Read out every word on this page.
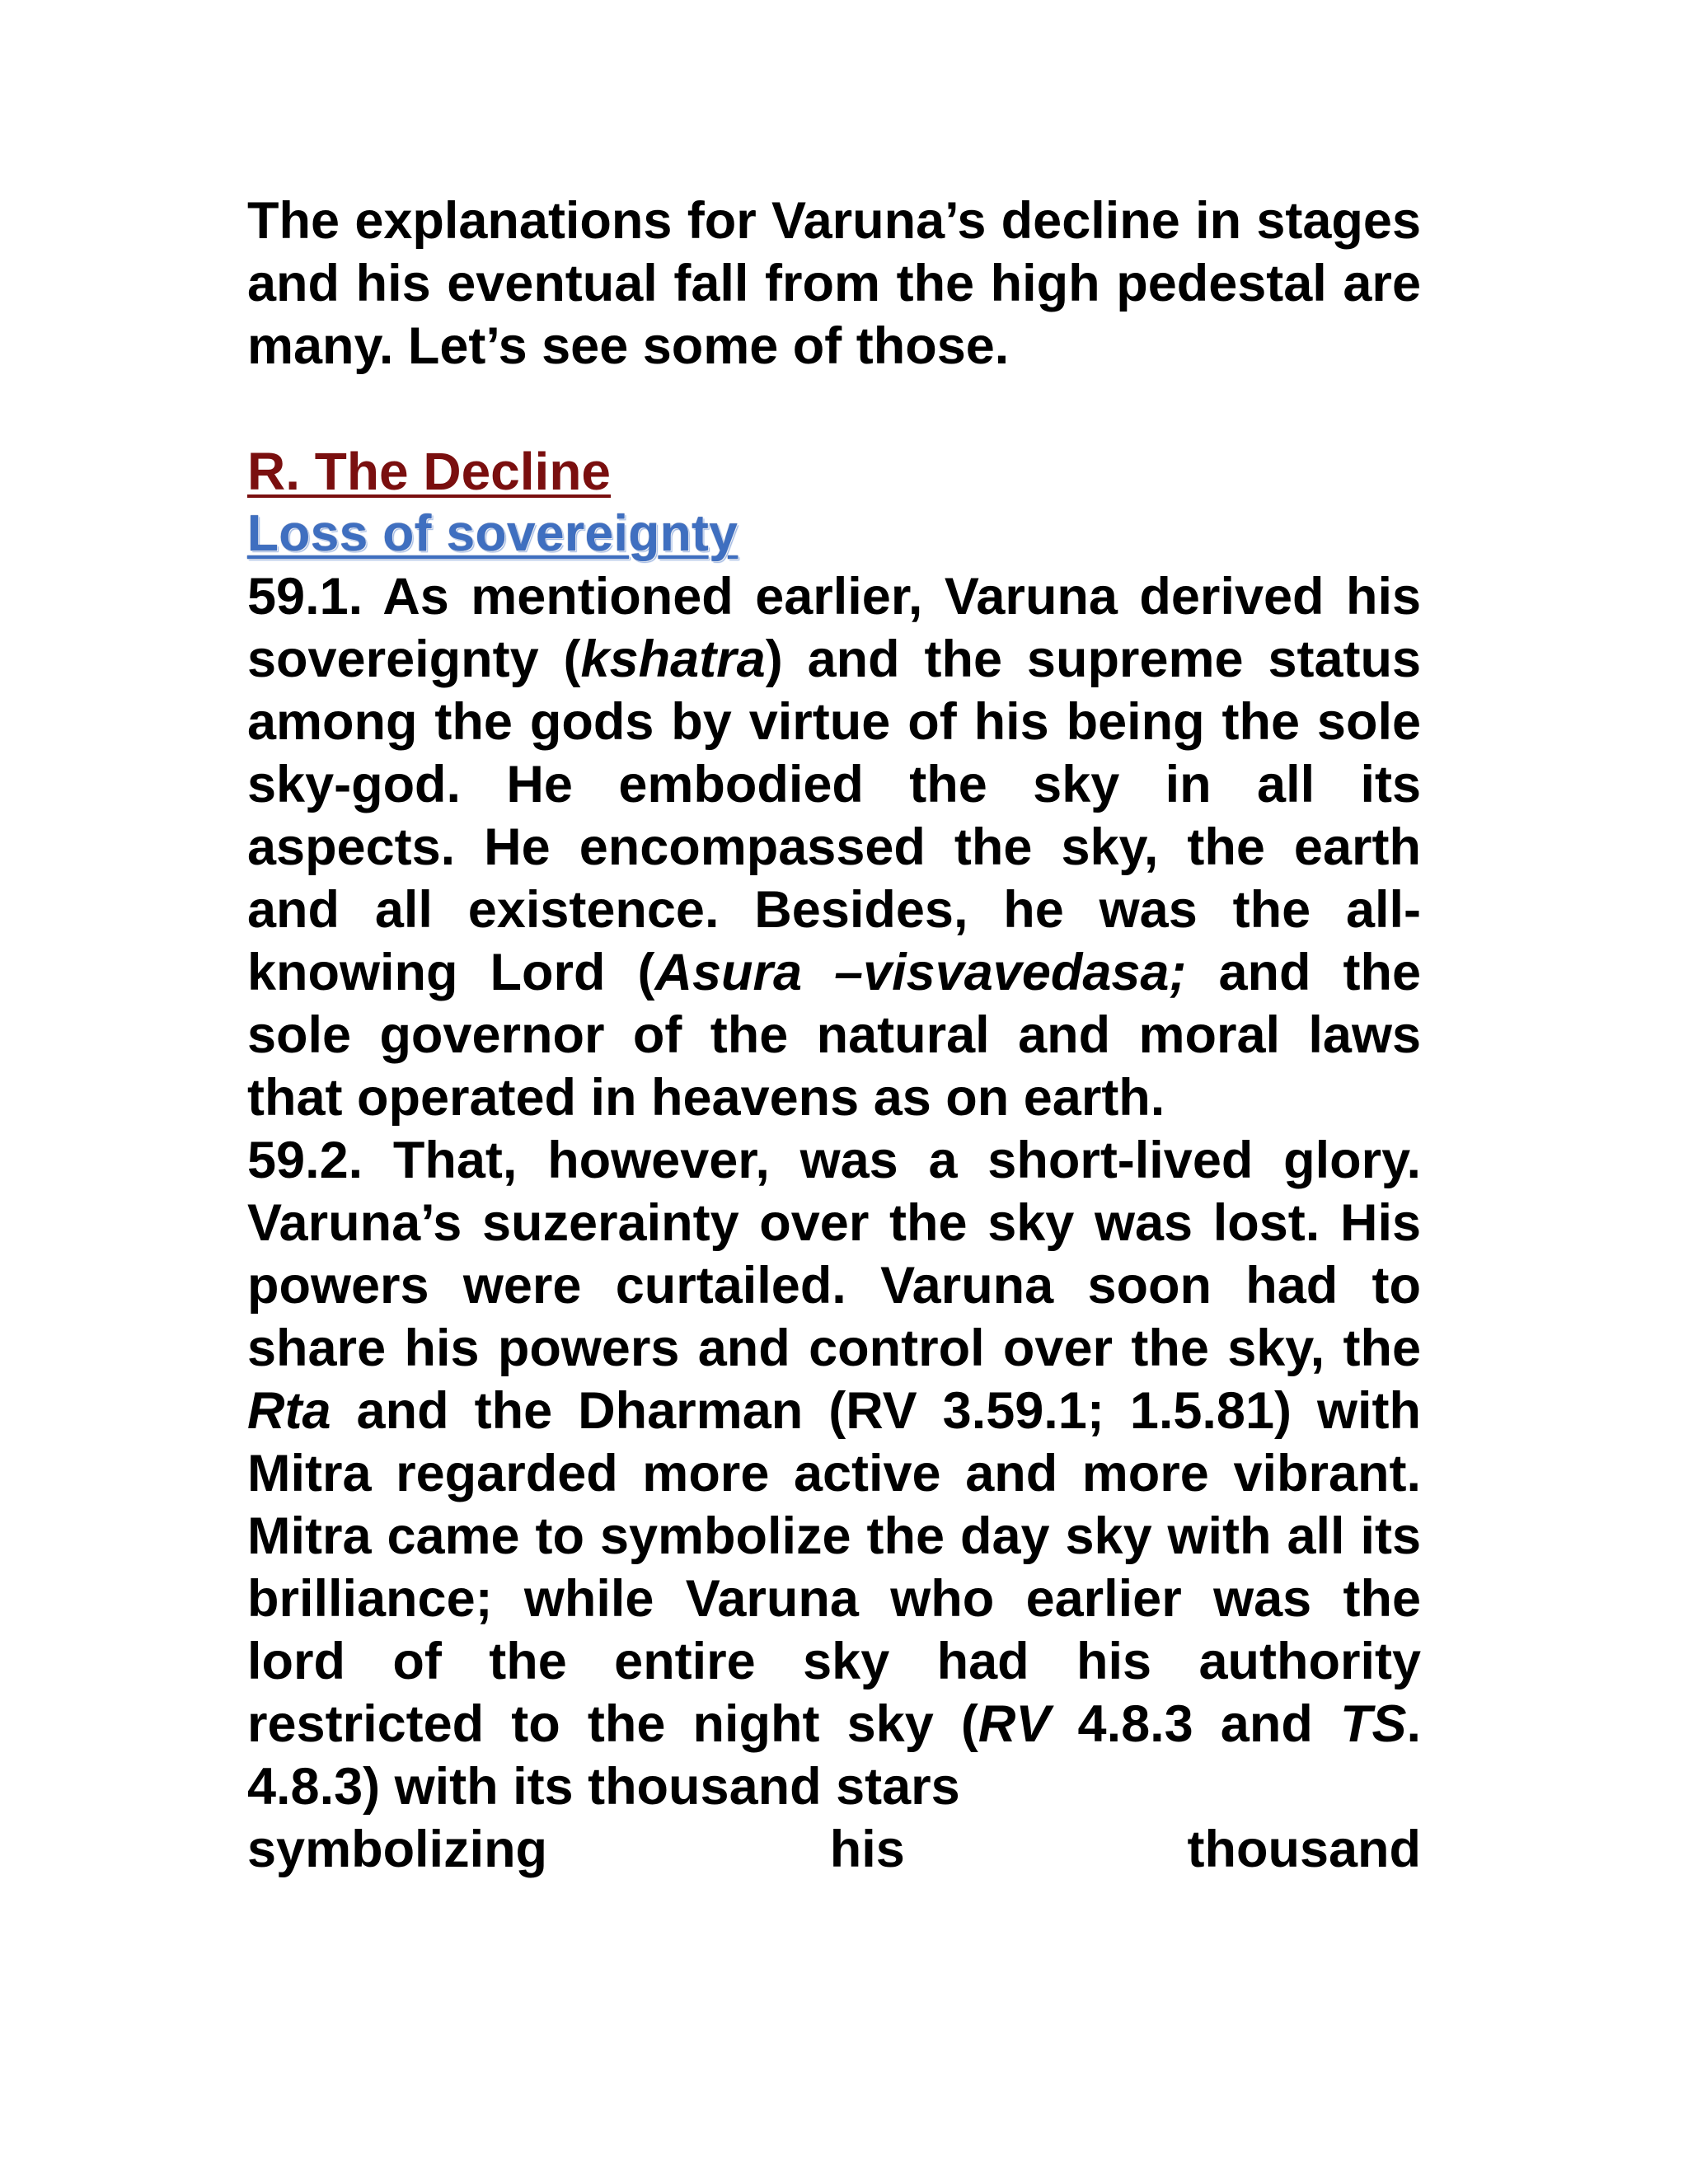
The explanations for Varuna’s decline in stages and his eventual fall from the high pedestal are many. Let’s see some of those.

R. The Decline

Loss of sovereignty

59.1. As mentioned earlier, Varuna derived his sovereignty (kshatra) and the supreme status among the gods by virtue of his being the sole sky-god. He embodied the sky in all its aspects. He encompassed the sky, the earth and all existence. Besides, he was the all-knowing Lord (Asura –visvavedasa; and the sole governor of the natural and moral laws that operated in heavens as on earth.

59.2. That, however, was a short-lived glory. Varuna’s suzerainty over the sky was lost. His powers were curtailed. Varuna soon had to share his powers and control over the sky, the Rta and the Dharman (RV 3.59.1; 1.5.81) with Mitra regarded more active and more vibrant. Mitra came to symbolize the day sky with all its brilliance; while Varuna who earlier was the lord of the entire sky had his authority restricted to the night sky (RV 4.8.3 and TS. 4.8.3) with its thousand stars

symbolizing	his	thousand
